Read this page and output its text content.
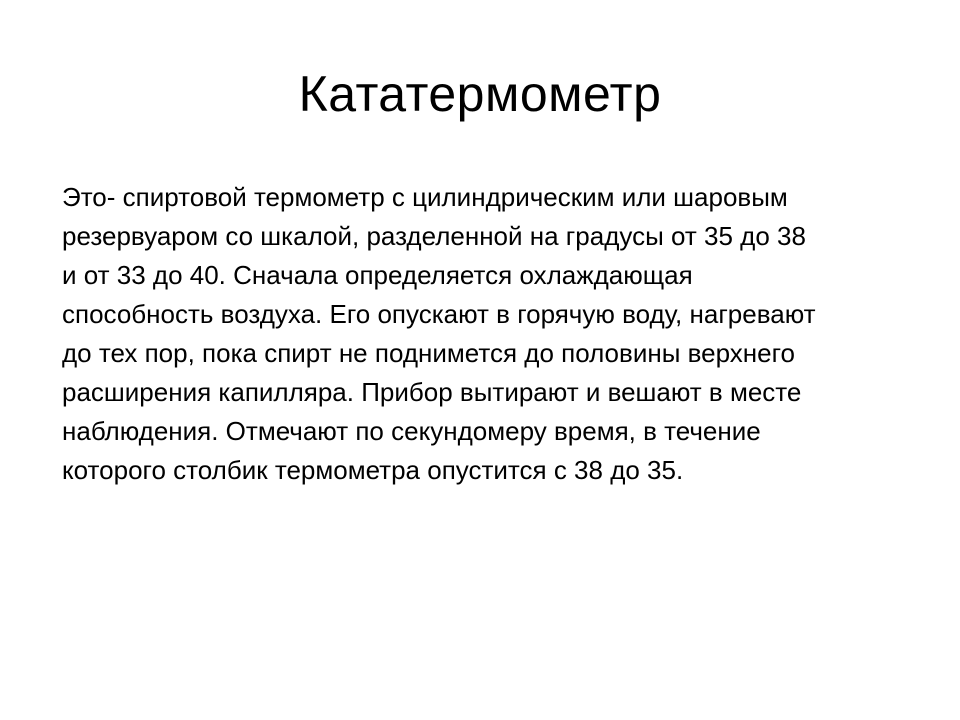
Кататермометр
Это- спиртовой термометр с цилиндрическим или шаровым
резервуаром со шкалой, разделенной на градусы от 35 до 38
и от 33 до 40. Сначала определяется охлаждающая
способность воздуха. Его опускают в горячую воду, нагревают
до тех пор, пока спирт не поднимется до половины верхнего
расширения капилляра. Прибор вытирают и вешают в месте
наблюдения. Отмечают по секундомеру время, в течение
которого столбик термометра опустится с 38 до 35.
